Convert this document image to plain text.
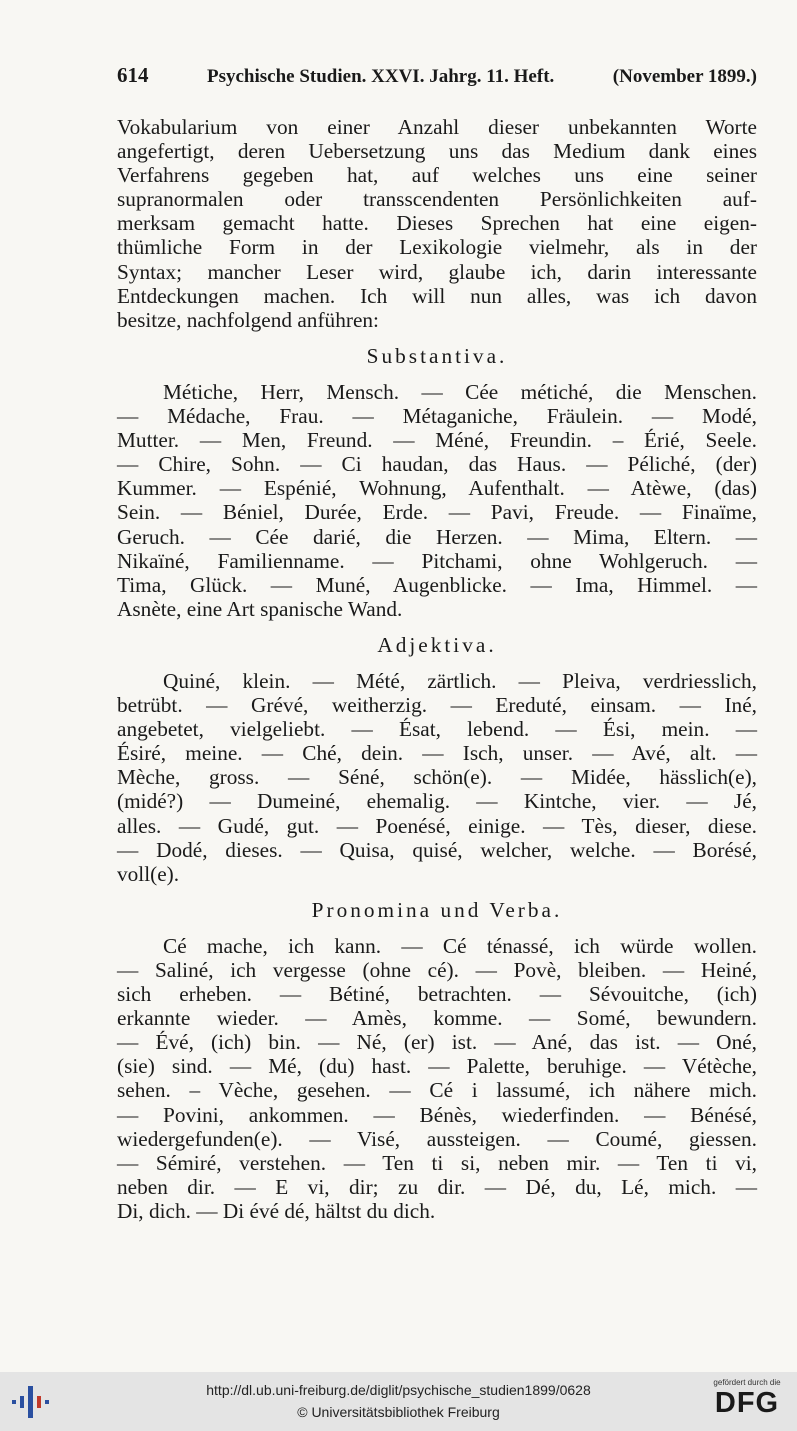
614	Psychische Studien. XXVI. Jahrg. 11. Heft.	(November 1899.)
Vokabularium von einer Anzahl dieser unbekannten Worte
angefertigt, deren Uebersetzung uns das Medium dank eines
Verfahrens gegeben hat, auf welches uns eine seiner
supranormalen oder transscendenten Persönlichkeiten auf-
merksam gemacht hatte. Dieses Sprechen hat eine eigen-
thümliche Form in der Lexikologie vielmehr, als in der
Syntax; mancher Leser wird, glaube ich, darin interessante
Entdeckungen machen. Ich will nun alles, was ich davon
besitze, nachfolgend anführen:
Substantiva.
Métiche, Herr, Mensch. — Cée métiché, die Menschen.
— Médache, Frau. — Métaganiche, Fräulein. — Modé,
Mutter. — Men, Freund. — Méné, Freundin. – Érié, Seele.
— Chire, Sohn. — Ci haudan, das Haus. — Péliché, (der)
Kummer. — Espénié, Wohnung, Aufenthalt. — Atèwe, (das)
Sein. — Béniel, Durée, Erde. — Pavi, Freude. — Finaïme,
Geruch. — Cée darié, die Herzen. — Mima, Eltern. —
Nikaïné, Familienname. — Pitchami, ohne Wohlgeruch. —
Tima, Glück. — Muné, Augenblicke. — Ima, Himmel. —
Asnète, eine Art spanische Wand.
Adjektiva.
Quiné, klein. — Mété, zärtlich. — Pleiva, verdriesslich,
betrübt. — Grévé, weitherzig. — Ereduté, einsam. — Iné,
angebetet, vielgeliebt. — Ésat, lebend. — Ési, mein. —
Ésiré, meine. — Ché, dein. — Isch, unser. — Avé, alt. —
Mèche, gross. — Séné, schön(e). — Midée, hässlich(e),
(midé?) — Dumeiné, ehemalig. — Kintche, vier. — Jé,
alles. — Gudé, gut. — Poenésé, einige. — Tès, dieser, diese.
— Dodé, dieses. — Quisa, quisé, welcher, welche. — Borésé,
voll(e).
Pronomina und Verba.
Cé mache, ich kann. — Cé ténassé, ich würde wollen.
— Saliné, ich vergesse (ohne cé). — Povè, bleiben. — Heiné,
sich erheben. — Bétiné, betrachten. — Sévouitche, (ich)
erkannte wieder. — Amès, komme. — Somé, bewundern.
— Évé, (ich) bin. — Né, (er) ist. — Ané, das ist. — Oné,
(sie) sind. — Mé, (du) hast. — Palette, beruhige. — Vétèche,
sehen. – Vèche, gesehen. — Cé i lassumé, ich nähere mich.
— Povini, ankommen. — Bénès, wiederfinden. — Bénésé,
wiedergefunden(e). — Visé, aussteigen. — Coumé, giessen.
— Sémiré, verstehen. — Ten ti si, neben mir. — Ten ti vi,
neben dir. — E vi, dir; zu dir. — Dé, du, Lé, mich. —
Di, dich. — Di évé dé, hältst du dich.
http://dl.ub.uni-freiburg.de/diglit/psychische_studien1899/0628
© Universitätsbibliothek Freiburg
gefördert durch die
DFG
